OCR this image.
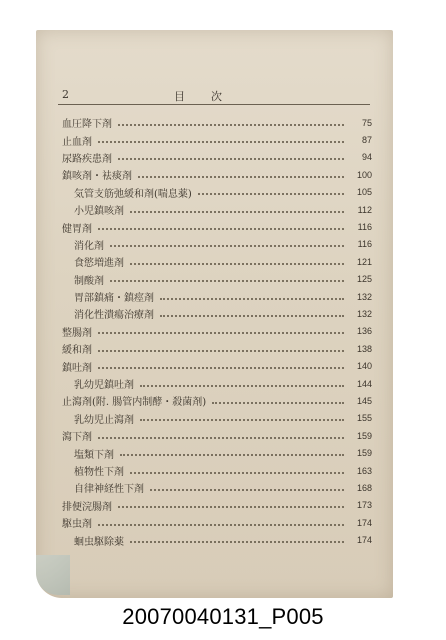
2	目次
血圧降下剤	75
止血剤	87
尿路疾患剤	94
鎮咳剤・袪痰剤	100
気管支筋弛緩和剤(喘息薬)	105
小児鎮咳剤	112
健胃剤	116
消化剤	116
食慾増進剤	121
制酸剤	125
胃部鎮痛・鎮痙剤	132
消化性潰瘍治療剤	132
整腸剤	136
緩和剤	138
鎮吐剤	140
乳幼児鎮吐剤	144
止瀉剤(附. 腸管内制酵・殺菌剤)	145
乳幼児止瀉剤	155
瀉下剤	159
塩類下剤	159
植物性下剤	163
自律神経性下剤	168
排便浣腸剤	173
駆虫剤	174
蛔虫駆除薬	174
20070040131_P005
